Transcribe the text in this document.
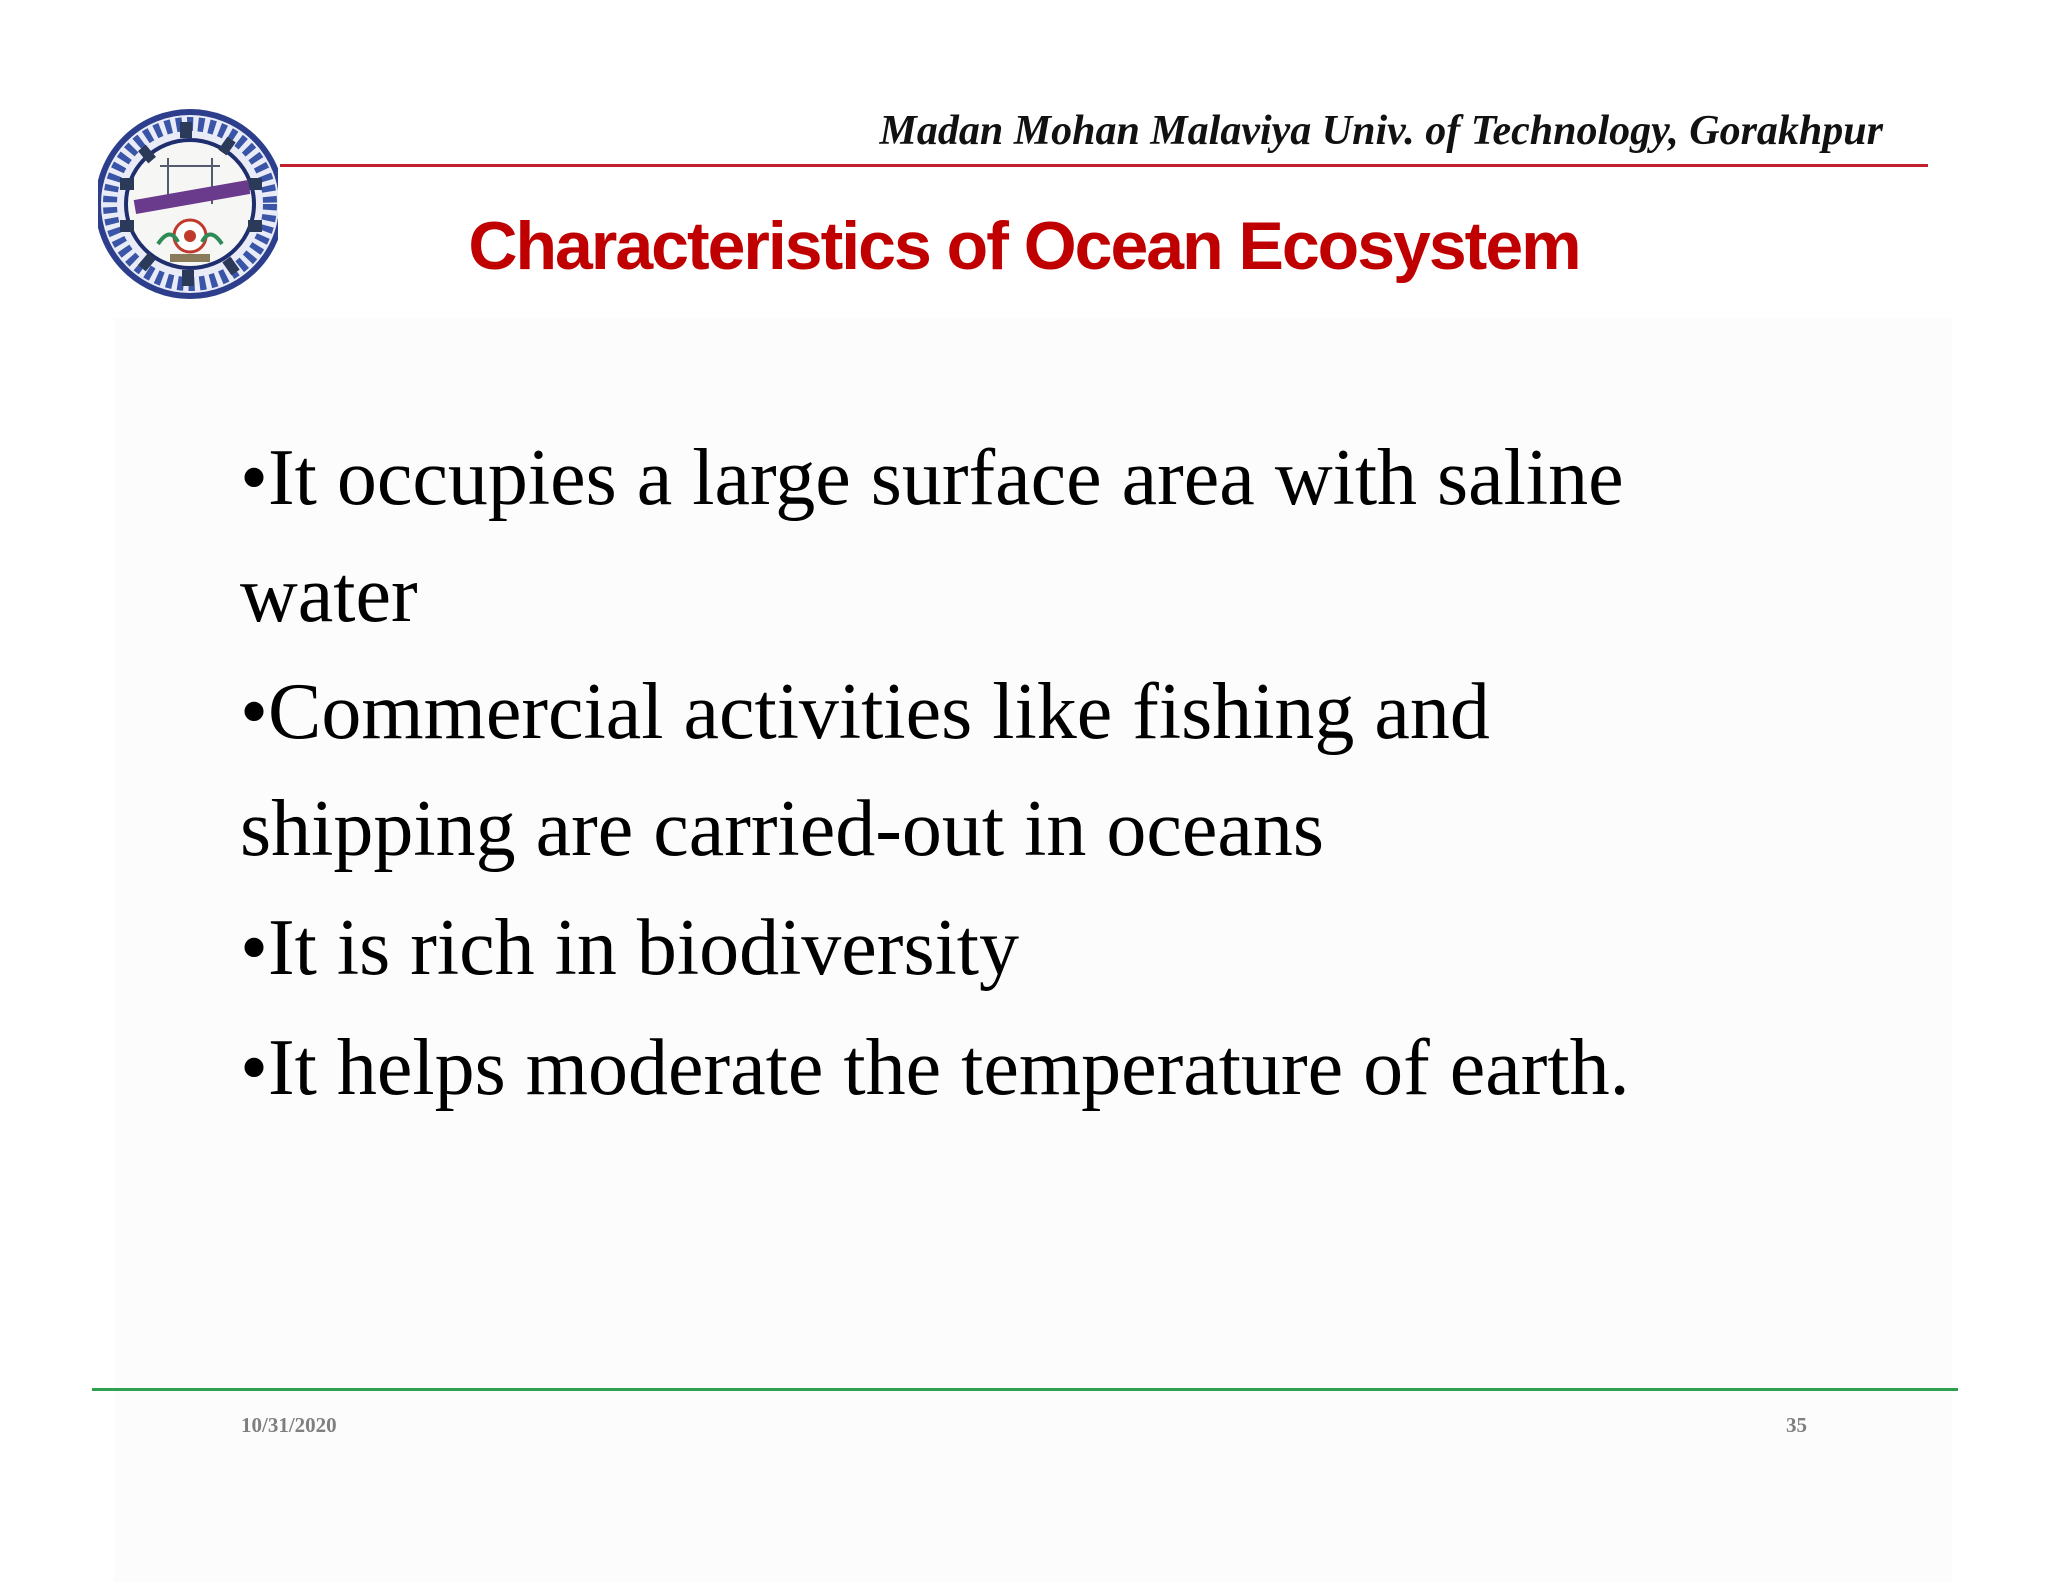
Madan Mohan Malaviya Univ. of Technology, Gorakhpur
Characteristics of Ocean Ecosystem
•It occupies a large surface area with saline
water
•Commercial activities like fishing and
shipping are carried-out in oceans
•It is rich in biodiversity
•It helps moderate the temperature of earth.
10/31/2020	35
